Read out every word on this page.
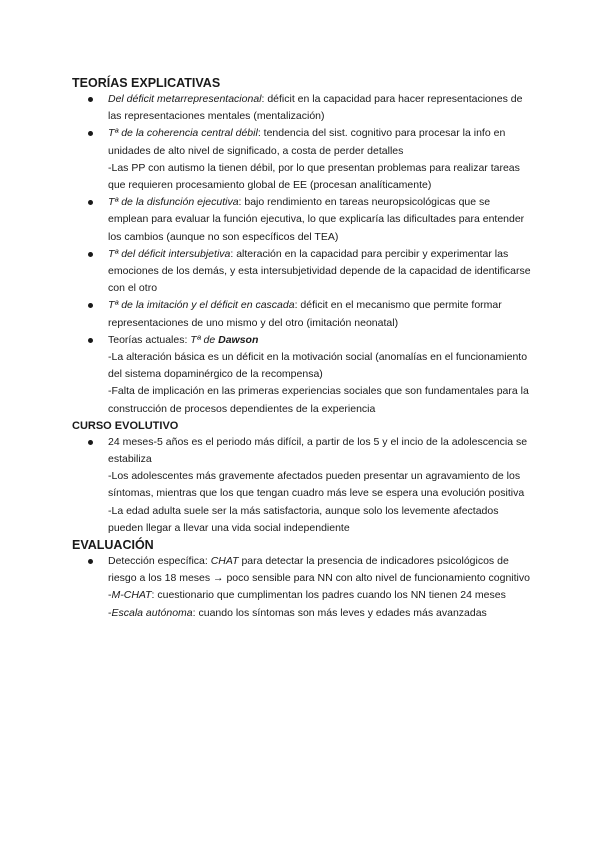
TEORÍAS EXPLICATIVAS
Del déficit metarrepresentacional: déficit en la capacidad para hacer representaciones de las representaciones mentales (mentalización)
Tª de la coherencia central débil: tendencia del sist. cognitivo para procesar la info en unidades de alto nivel de significado, a costa de perder detalles
-Las PP con autismo la tienen débil, por lo que presentan problemas para realizar tareas que requieren procesamiento global de EE (procesan analíticamente)
Tª de la disfunción ejecutiva: bajo rendimiento en tareas neuropsicológicas que se emplean para evaluar la función ejecutiva, lo que explicaría las dificultades para entender los cambios (aunque no son específicos del TEA)
Tª del déficit intersubjetiva: alteración en la capacidad para percibir y experimentar las emociones de los demás, y esta intersubjetividad depende de la capacidad de identificarse con el otro
Tª de la imitación y el déficit en cascada: déficit en el mecanismo que permite formar representaciones de uno mismo y del otro (imitación neonatal)
Teorías actuales: Tª de Dawson
-La alteración básica es un déficit en la motivación social (anomalías en el funcionamiento del sistema dopaminérgico de la recompensa)
-Falta de implicación en las primeras experiencias sociales que son fundamentales para la construcción de procesos dependientes de la experiencia
CURSO EVOLUTIVO
24 meses-5 años es el periodo más difícil, a partir de los 5 y el incio de la adolescencia se estabiliza
-Los adolescentes más gravemente afectados pueden presentar un agravamiento de los síntomas, mientras que los que tengan cuadro más leve se espera una evolución positiva
-La edad adulta suele ser la más satisfactoria, aunque solo los levemente afectados pueden llegar a llevar una vida social independiente
EVALUACIÓN
Detección específica: CHAT para detectar la presencia de indicadores psicológicos de riesgo a los 18 meses → poco sensible para NN con alto nivel de funcionamiento cognitivo
-M-CHAT: cuestionario que cumplimentan los padres cuando los NN tienen 24 meses
-Escala autónoma: cuando los síntomas son más leves y edades más avanzadas
